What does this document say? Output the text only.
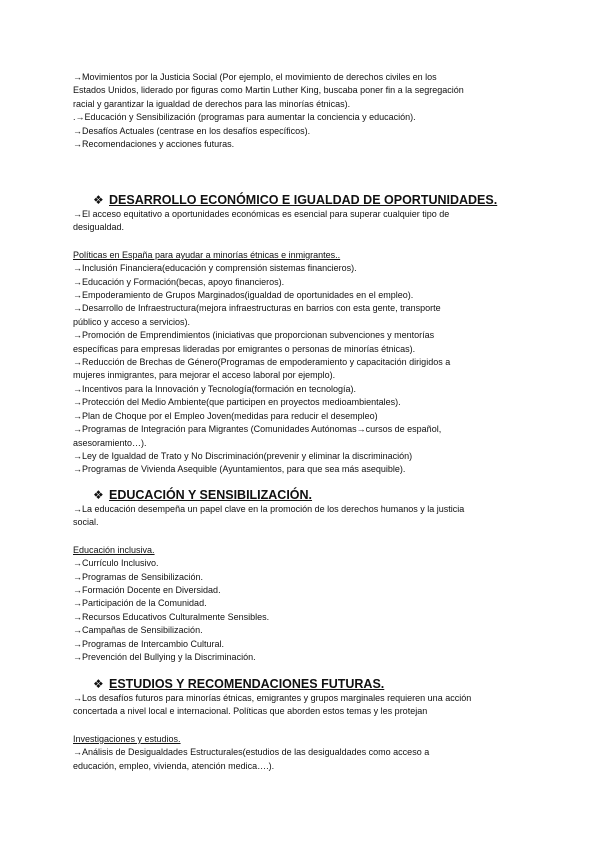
→Movimientos por la Justicia Social (Por ejemplo, el movimiento de derechos civiles en los
Estados Unidos, liderado por figuras como Martin Luther King, buscaba poner fin a la segregación
racial y garantizar la igualdad de derechos para las minorías étnicas).
.→Educación y Sensibilización (programas para aumentar la conciencia y educación).
→Desafíos Actuales (centrase en los desafíos específicos).
→Recomendaciones y acciones futuras.
❖ DESARROLLO ECONÓMICO E IGUALDAD DE OPORTUNIDADES.
→El acceso equitativo a oportunidades económicas es esencial para superar cualquier tipo de
desigualdad.
Políticas en España para ayudar a minorías étnicas e inmigrantes..
→Inclusión Financiera(educación y comprensión sistemas financieros).
→Educación y Formación(becas, apoyo financieros).
→Empoderamiento de Grupos Marginados(igualdad de oportunidades en el empleo).
→Desarrollo de Infraestructura(mejora infraestructuras en barrios con esta gente, transporte
público y acceso a servicios).
→Promoción de Emprendimientos (iniciativas que proporcionan subvenciones y mentorías
específicas para empresas lideradas por emigrantes o personas de minorías étnicas).
→Reducción de Brechas de Género(Programas de empoderamiento y capacitación dirigidos a
mujeres inmigrantes, para mejorar el acceso laboral por ejemplo).
→Incentivos para la Innovación y Tecnología(formación en tecnología).
→Protección del Medio Ambiente(que participen en proyectos medioambientales).
→Plan de Choque por el Empleo Joven(medidas para reducir el desempleo)
→Programas de Integración para Migrantes (Comunidades Autónomas→cursos de español,
asesoramiento…).
→Ley de Igualdad de Trato y No Discriminación(prevenir y eliminar la discriminación)
→Programas de Vivienda Asequible (Ayuntamientos, para que sea más asequible).
❖ EDUCACIÓN Y SENSIBILIZACIÓN.
→La educación desempeña un papel clave en la promoción de los derechos humanos y la justicia
social.
Educación inclusiva.
→Currículo Inclusivo.
→Programas de Sensibilización.
→Formación Docente en Diversidad.
→Participación de la Comunidad.
→Recursos Educativos Culturalmente Sensibles.
→Campañas de Sensibilización.
→Programas de Intercambio Cultural.
→Prevención del Bullying y la Discriminación.
❖ ESTUDIOS Y RECOMENDACIONES FUTURAS.
→Los desafíos futuros para minorías étnicas, emigrantes y grupos marginales requieren una acción
concertada a nivel local e internacional. Políticas que aborden estos temas y les protejan
Investigaciones y estudios.
→Análisis de Desigualdades Estructurales(estudios de las desigualdades como acceso a
educación, empleo, vivienda, atención medica….).
